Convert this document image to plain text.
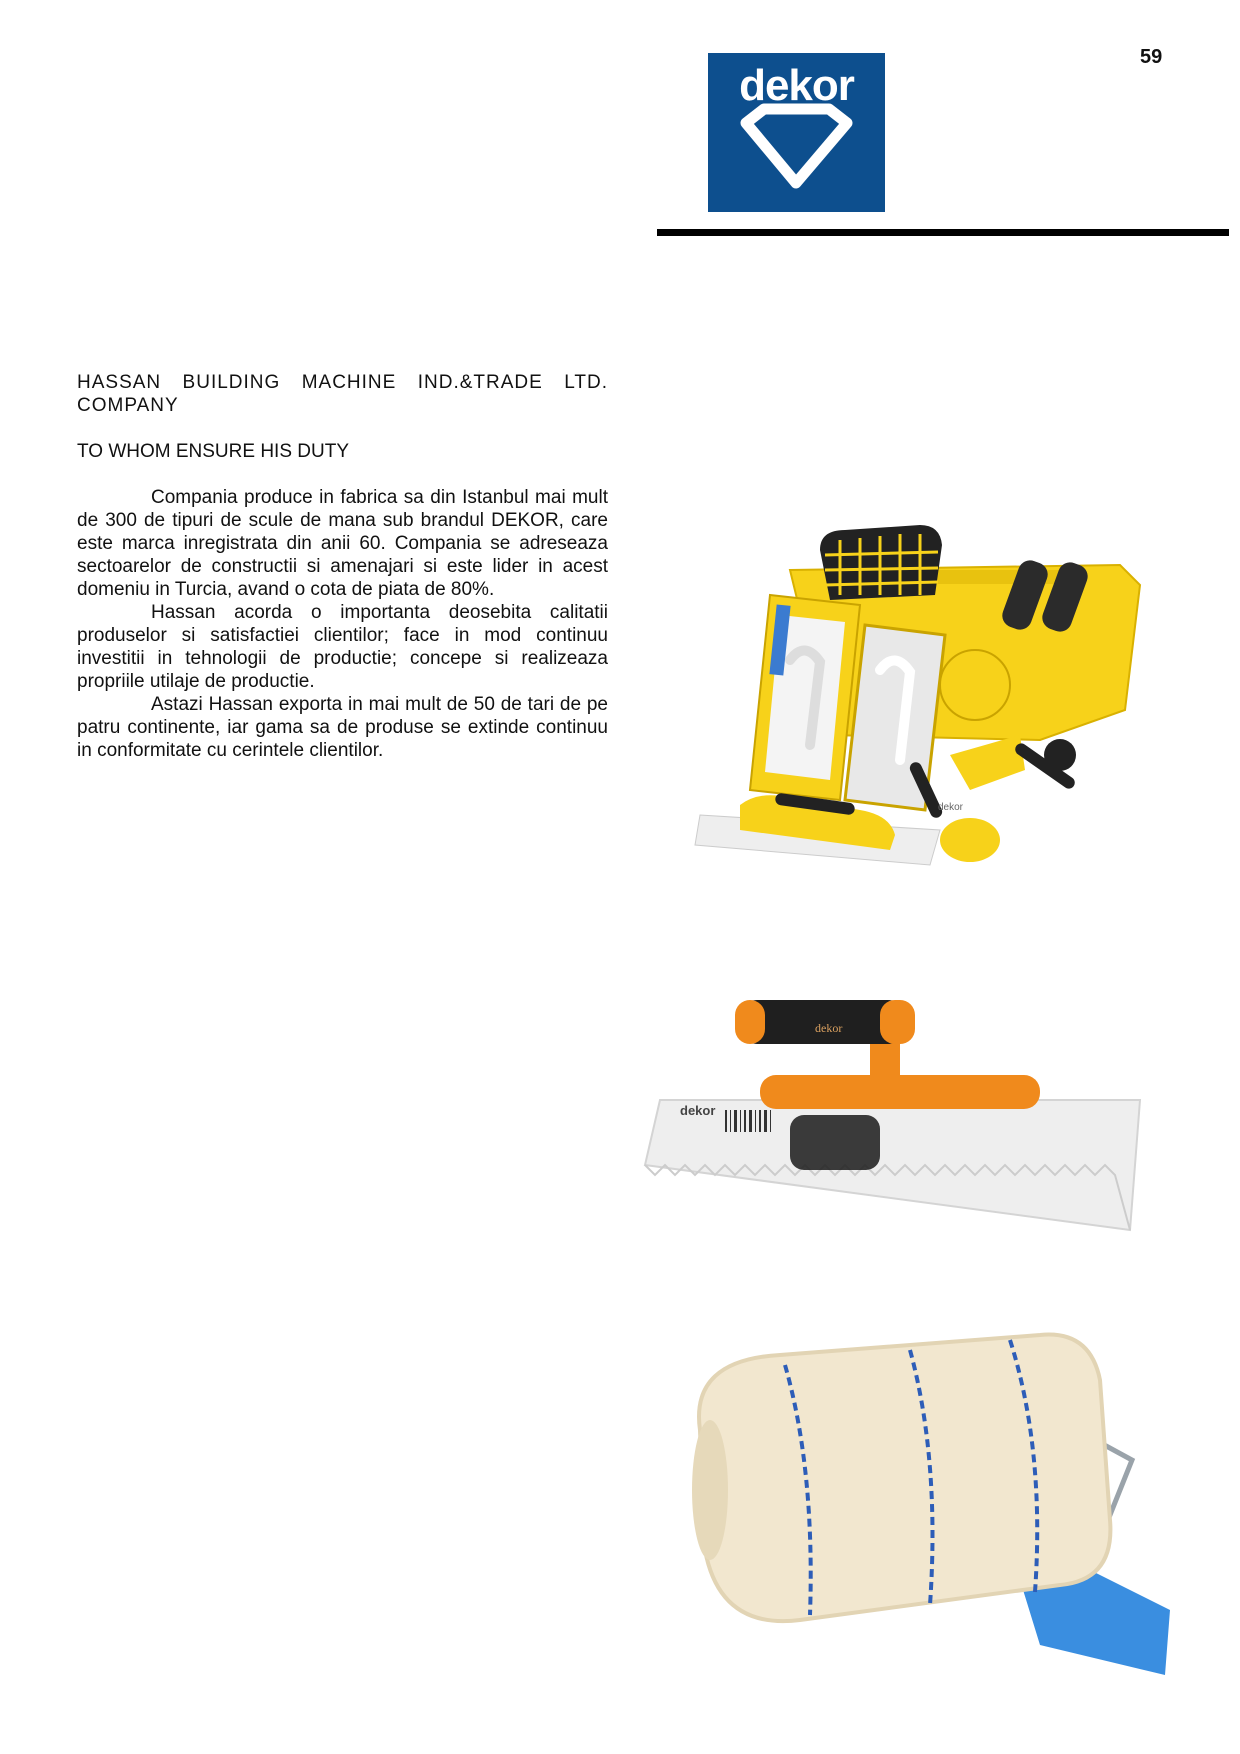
59
dekor

HASSAN BUILDING MACHINE IND.&TRADE LTD. COMPANY

TO WHOM ENSURE HIS DUTY

Compania produce in fabrica sa din Istanbul mai mult de 300 de tipuri de scule de mana sub brandul DEKOR, care este marca inregistrata din anii 60. Compania se adreseaza sectoarelor de constructii si amenajari si este lider in acest domeniu in Turcia, avand o cota de piata de 80%.

Hassan acorda o importanta deosebita calitatii produselor si satisfactiei clientilor; face in mod continuu investitii in tehnologii de productie; concepe si realizeaza propriile utilaje de productie.

Astazi Hassan exporta in mai mult de 50 de tari de pe patru continente, iar gama sa de produse se extinde continuu in conformitate cu cerintele clientilor.

dekor
dekor
dekor
